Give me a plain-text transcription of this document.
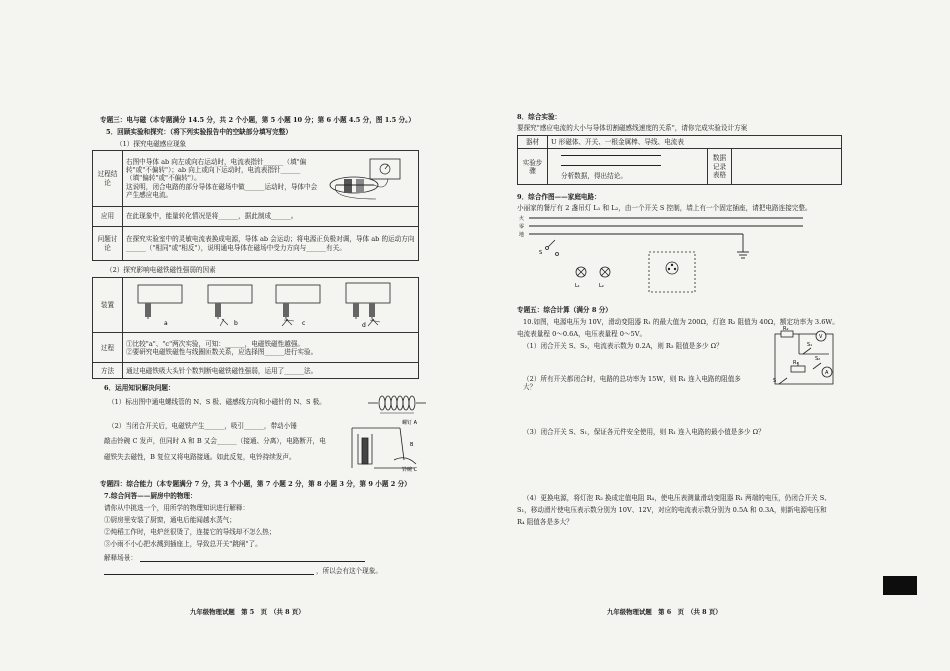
专题三：电与磁（本专题满分 14.5 分，共 2 个小题，第 5 小题 10 分；第 6 小题 4.5 分，图 1.5 分。）
5．回顾实验和探究：（将下列实验报告中的空缺部分填写完整）
（1）探究电磁感应现象
过程结论	右图中导体 ab 向左或向右运动时，电流表指针______（填"偏转"或"不偏转"）；ab 向上或向下运动时，电流表指针______（填"偏转"或"不偏转"）。
这说明，闭合电路的部分导体在磁场中做______运动时，导体中会产生感应电流。

应用	在此现象中，能量转化情况是将______，据此制成______。
问题讨论	在探究实验室中的灵敏电流表换成电源，导体 ab 会运动；将电源正负极对调，导体 ab 的运动方向______（"相同"或"相反"），说明通电导体在磁场中受力方向与______有关。
（2）探究影响电磁铁磁性强弱的因素
装置	a b c d

过程	①比较"a"、"c"两次实验，可知：______，电磁铁磁性越强。
②要研究电磁铁磁性与线圈匝数关系，应选择图______进行实验。

方法	通过电磁铁吸大头针个数判断电磁铁磁性强弱，运用了______法。
6．运用知识解决问题：
（1）标出图中通电螺线管的 N、S 极、磁感线方向和小磁针的 N、S 极。
（2）当闭合开关后，电磁铁产生______，吸引______，带动小锤
敲击铃碗 C 发声，但同时 A 和 B 又会______（接通、分离），电路断开，电
磁铁失去磁性，B 复位又将电路接通。如此反复，电铃持续发声。
螺钉 A
B
铃碗 C
专题四：综合能力（本专题满分 7 分，共 3 个小题，第 7 小题 2 分，第 8 小题 3 分，第 9 小题 2 分）
7.综合问答——厨房中的物理：
请你从中挑选一个，用所学的物理知识进行解释：
①厨房里安装了厨窗，通电后能闻越水蒸气；
②炖稻工作时，电炉丝很烫了，连接它的导线却不怎么热；
③小雨不小心把水溅到插座上，导致总开关"跳闸"了。
解释场景：
，所以会有这个现象。
九年级物理试题　第 5　页　（共 8 页）
8．综合实验：
要探究"感应电流的大小与导体切割磁感线速度的关系"，请你完成实验设计方案
器材	U 形磁体、开关、一根金属棒、导线、电流表		
实验步骤	分析数据，得出结论。	数据记录表格	
9．综合作图——家庭电路：
小丽家的餐厅有 2 盏吊灯 L₁ 和 L₂，由一个开关 S 控制，墙上有一个固定插座，请把电路连接完整。
火
零
地
S
L₁	L₂
专题五：综合计算（满分 8 分）
10.如图，电源电压为 10V，滑动变阻器 R₁ 的最大值为 200Ω，灯泡 R₂ 阻值为 40Ω，额定功率为 3.6W。
电流表量程 0～0.6A，电压表量程 0～5V。
（1）闭合开关 S、S₂，电流表示数为 0.2A，则 R₃ 阻值是多少 Ω？
（2）所有开关都闭合时，电路的总功率为 15W，则 R₁ 连入电路的阻值多大？
R₂
S₁
S₂
R₁
V
A
S
（3）闭合开关 S、S₁，保证各元件安全使用，则 R₁ 连入电路的最小值是多少 Ω？
（4）更换电源，将灯泡 R₂ 换成定值电阻 R₄，使电压表测量滑动变阻器 R₁ 两端的电压，仍闭合开关 S、
S₁，移动滑片使电压表示数分别为 10V、12V，对应的电流表示数分别为 0.5A 和 0.3A，则新电源电压和
R₄ 阻值各是多大？
九年级物理试题　第 6　页　（共 8 页）
